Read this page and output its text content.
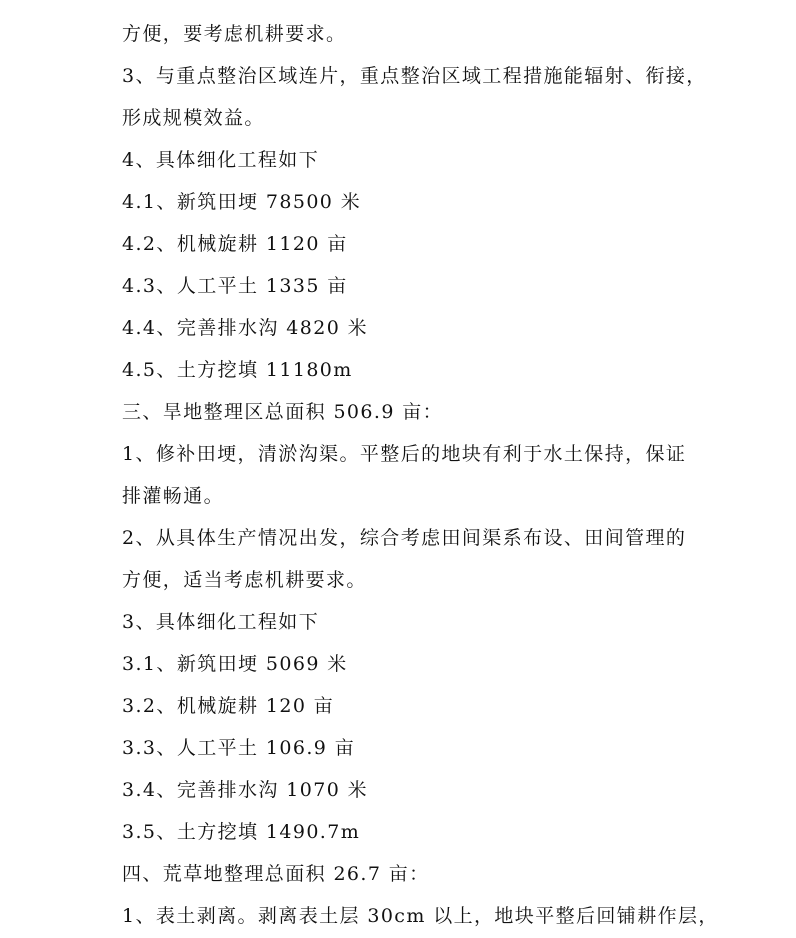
方便，要考虑机耕要求。

3、与重点整治区域连片，重点整治区域工程措施能辐射、衔接，

形成规模效益。

4、具体细化工程如下

4.1、新筑田埂 78500 米

4.2、机械旋耕 1120 亩

4.3、人工平土 1335 亩

4.4、完善排水沟 4820 米

4.5、土方挖填 11180m

三、旱地整理区总面积 506.9 亩：

1、修补田埂，清淤沟渠。平整后的地块有利于水土保持，保证

排灌畅通。

2、从具体生产情况出发，综合考虑田间渠系布设、田间管理的

方便，适当考虑机耕要求。

3、具体细化工程如下

3.1、新筑田埂 5069 米

3.2、机械旋耕 120 亩

3.3、人工平土 106.9 亩

3.4、完善排水沟 1070 米

3.5、土方挖填 1490.7m

四、荒草地整理总面积 26.7 亩：

1、表土剥离。剥离表土层 30cm 以上，地块平整后回铺耕作层，
